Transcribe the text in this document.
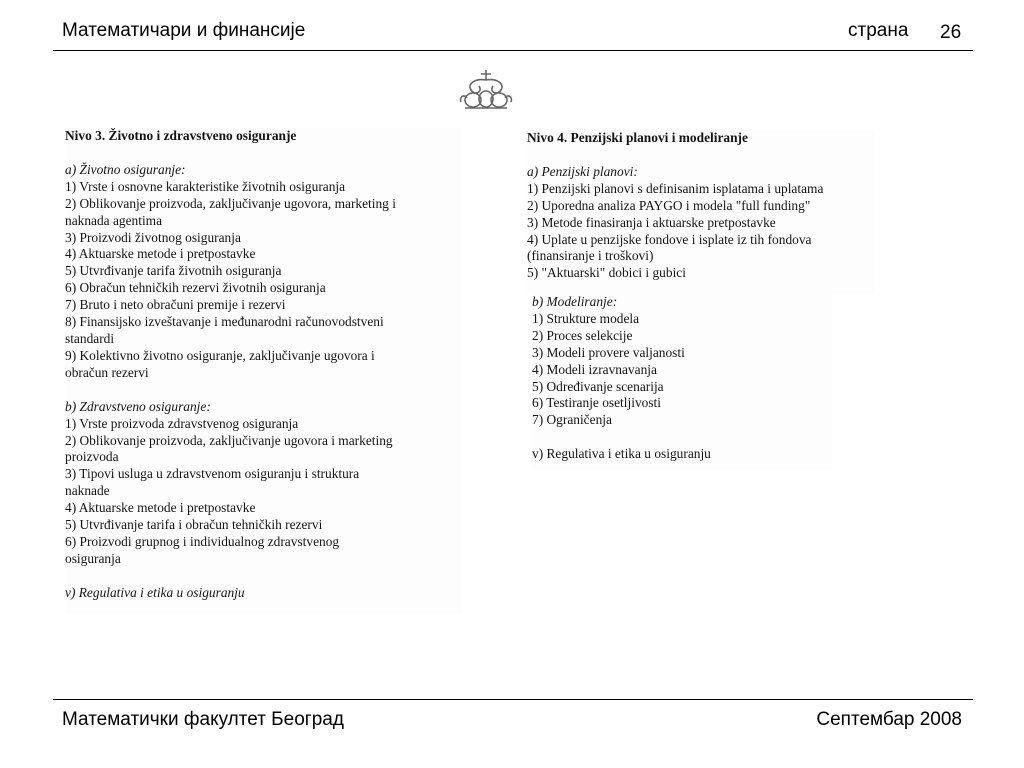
Математичари и финансије	страна 26
Nivo 3. Životno i zdravstveno osiguranje
a) Životno osiguranje:
1) Vrste i osnovne karakteristike životnih osiguranja
2) Oblikovanje proizvoda, zaključivanje ugovora, marketing i
naknada agentima
3) Proizvodi životnog osiguranja
4) Aktuarske metode i pretpostavke
5) Utvrđivanje tarifa životnih osiguranja
6) Obračun tehničkih rezervi životnih osiguranja
7) Bruto i neto obračuni premije i rezervi
8) Finansijsko izveštavanje i međunarodni računovodstveni
standardi
9) Kolektivno životno osiguranje, zaključivanje ugovora i
obračun rezervi
b) Zdravstveno osiguranje:
1) Vrste proizvoda zdravstvenog osiguranja
2) Oblikovanje proizvoda, zaključivanje ugovora i marketing
proizvoda
3) Tipovi usluga u zdravstvenom osiguranju i struktura
naknade
4) Aktuarske metode i pretpostavke
5) Utvrđivanje tarifa i obračun tehničkih rezervi
6) Proizvodi grupnog i individualnog zdravstvenog
osiguranja
v) Regulativa i etika u osiguranju
Nivo 4. Penzijski planovi i modeliranje
a) Penzijski planovi:
1) Penzijski planovi s definisanim isplatama i uplatama
2) Uporedna analiza PAYGO i modela "full funding"
3) Metode finasiranja i aktuarske pretpostavke
4) Uplate u penzijske fondove i isplate iz tih fondova
(finansiranje i troškovi)
5) "Aktuarski" dobici i gubici
b) Modeliranje:
1) Strukture modela
2) Proces selekcije
3) Modeli provere valjanosti
4) Modeli izravnavanja
5) Određivanje scenarija
6) Testiranje osetljivosti
7) Ograničenja
v) Regulativa i etika u osiguranju
Математички факултет Београд	Септембар 2008
